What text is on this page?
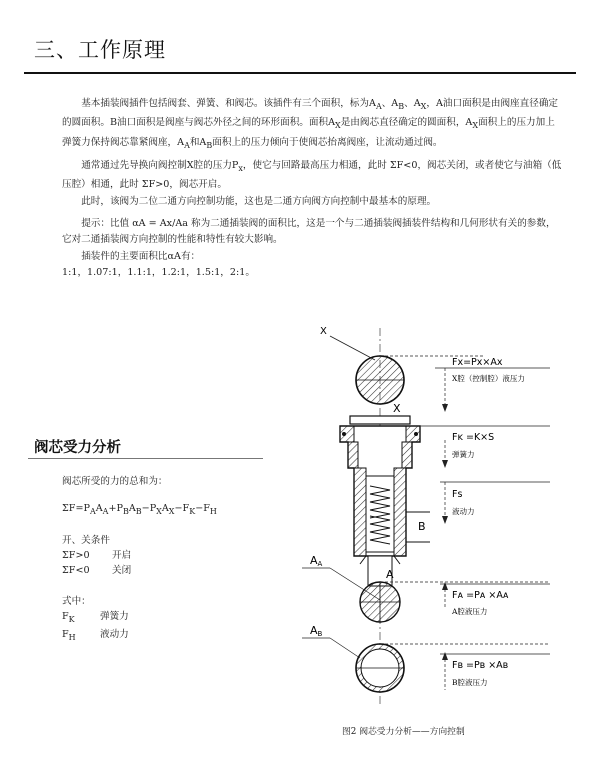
三、工作原理

基本插装阀插件包括阀套、弹簧、和阀芯。该插件有三个面积，标为$A_A$、$A_B$、$A_X$，A油口面积是由阀座直径确定的圆面积。B油口面积是阀座与阀芯外径之间的环形面积。面积$A_X$是由阀芯直径确定的圆面积，$A_X$面积上的压力加上弹簧力保持阀芯靠紧阀座，$A_A$和$A_B$面积上的压力倾向于使阀芯抬离阀座，让流动通过阀。

通常通过先导换向阀控制X腔的压力$P_x$，使它与回路最高压力相通，此时 ΣF<0，阀芯关闭，或者使它与油箱（低压腔）相通，此时 ΣF>0，阀芯开启。

此时，该阀为二位二通方向控制功能，这也是二通方向阀方向控制中最基本的原理。

提示：比值 αA = Ax/Aa 称为二通插装阀的面积比，这是一个与二通插装阀插装件结构和几何形状有关的参数，它对二通插装阀方向控制的性能和特性有较大影响。

插装件的主要面积比αA有：

1:1，1.07:1，1.1:1，1.2:1，1.5:1，2:1。

阀芯受力分析
阀芯所受的力的总和为：
$\Sigma F=P_AA_A+P_BA_B-P_XA_X-F_K-F_H$

开、关条件

ΣF>0 开启

ΣF<0 关闭

式中：

$F_K$	弹簧力

$F_H$	液动力

X
Fx=Px×Ax
X腔（控制腔）液压力
X
Fᴋ =K×S
弹簧力
Fs
液动力
B
A
AA
Fᴀ =Pᴀ ×Aᴀ
A腔液压力
AB
Fʙ =Pʙ ×Aʙ
B腔液压力
图2 阀芯受力分析——方向控制
